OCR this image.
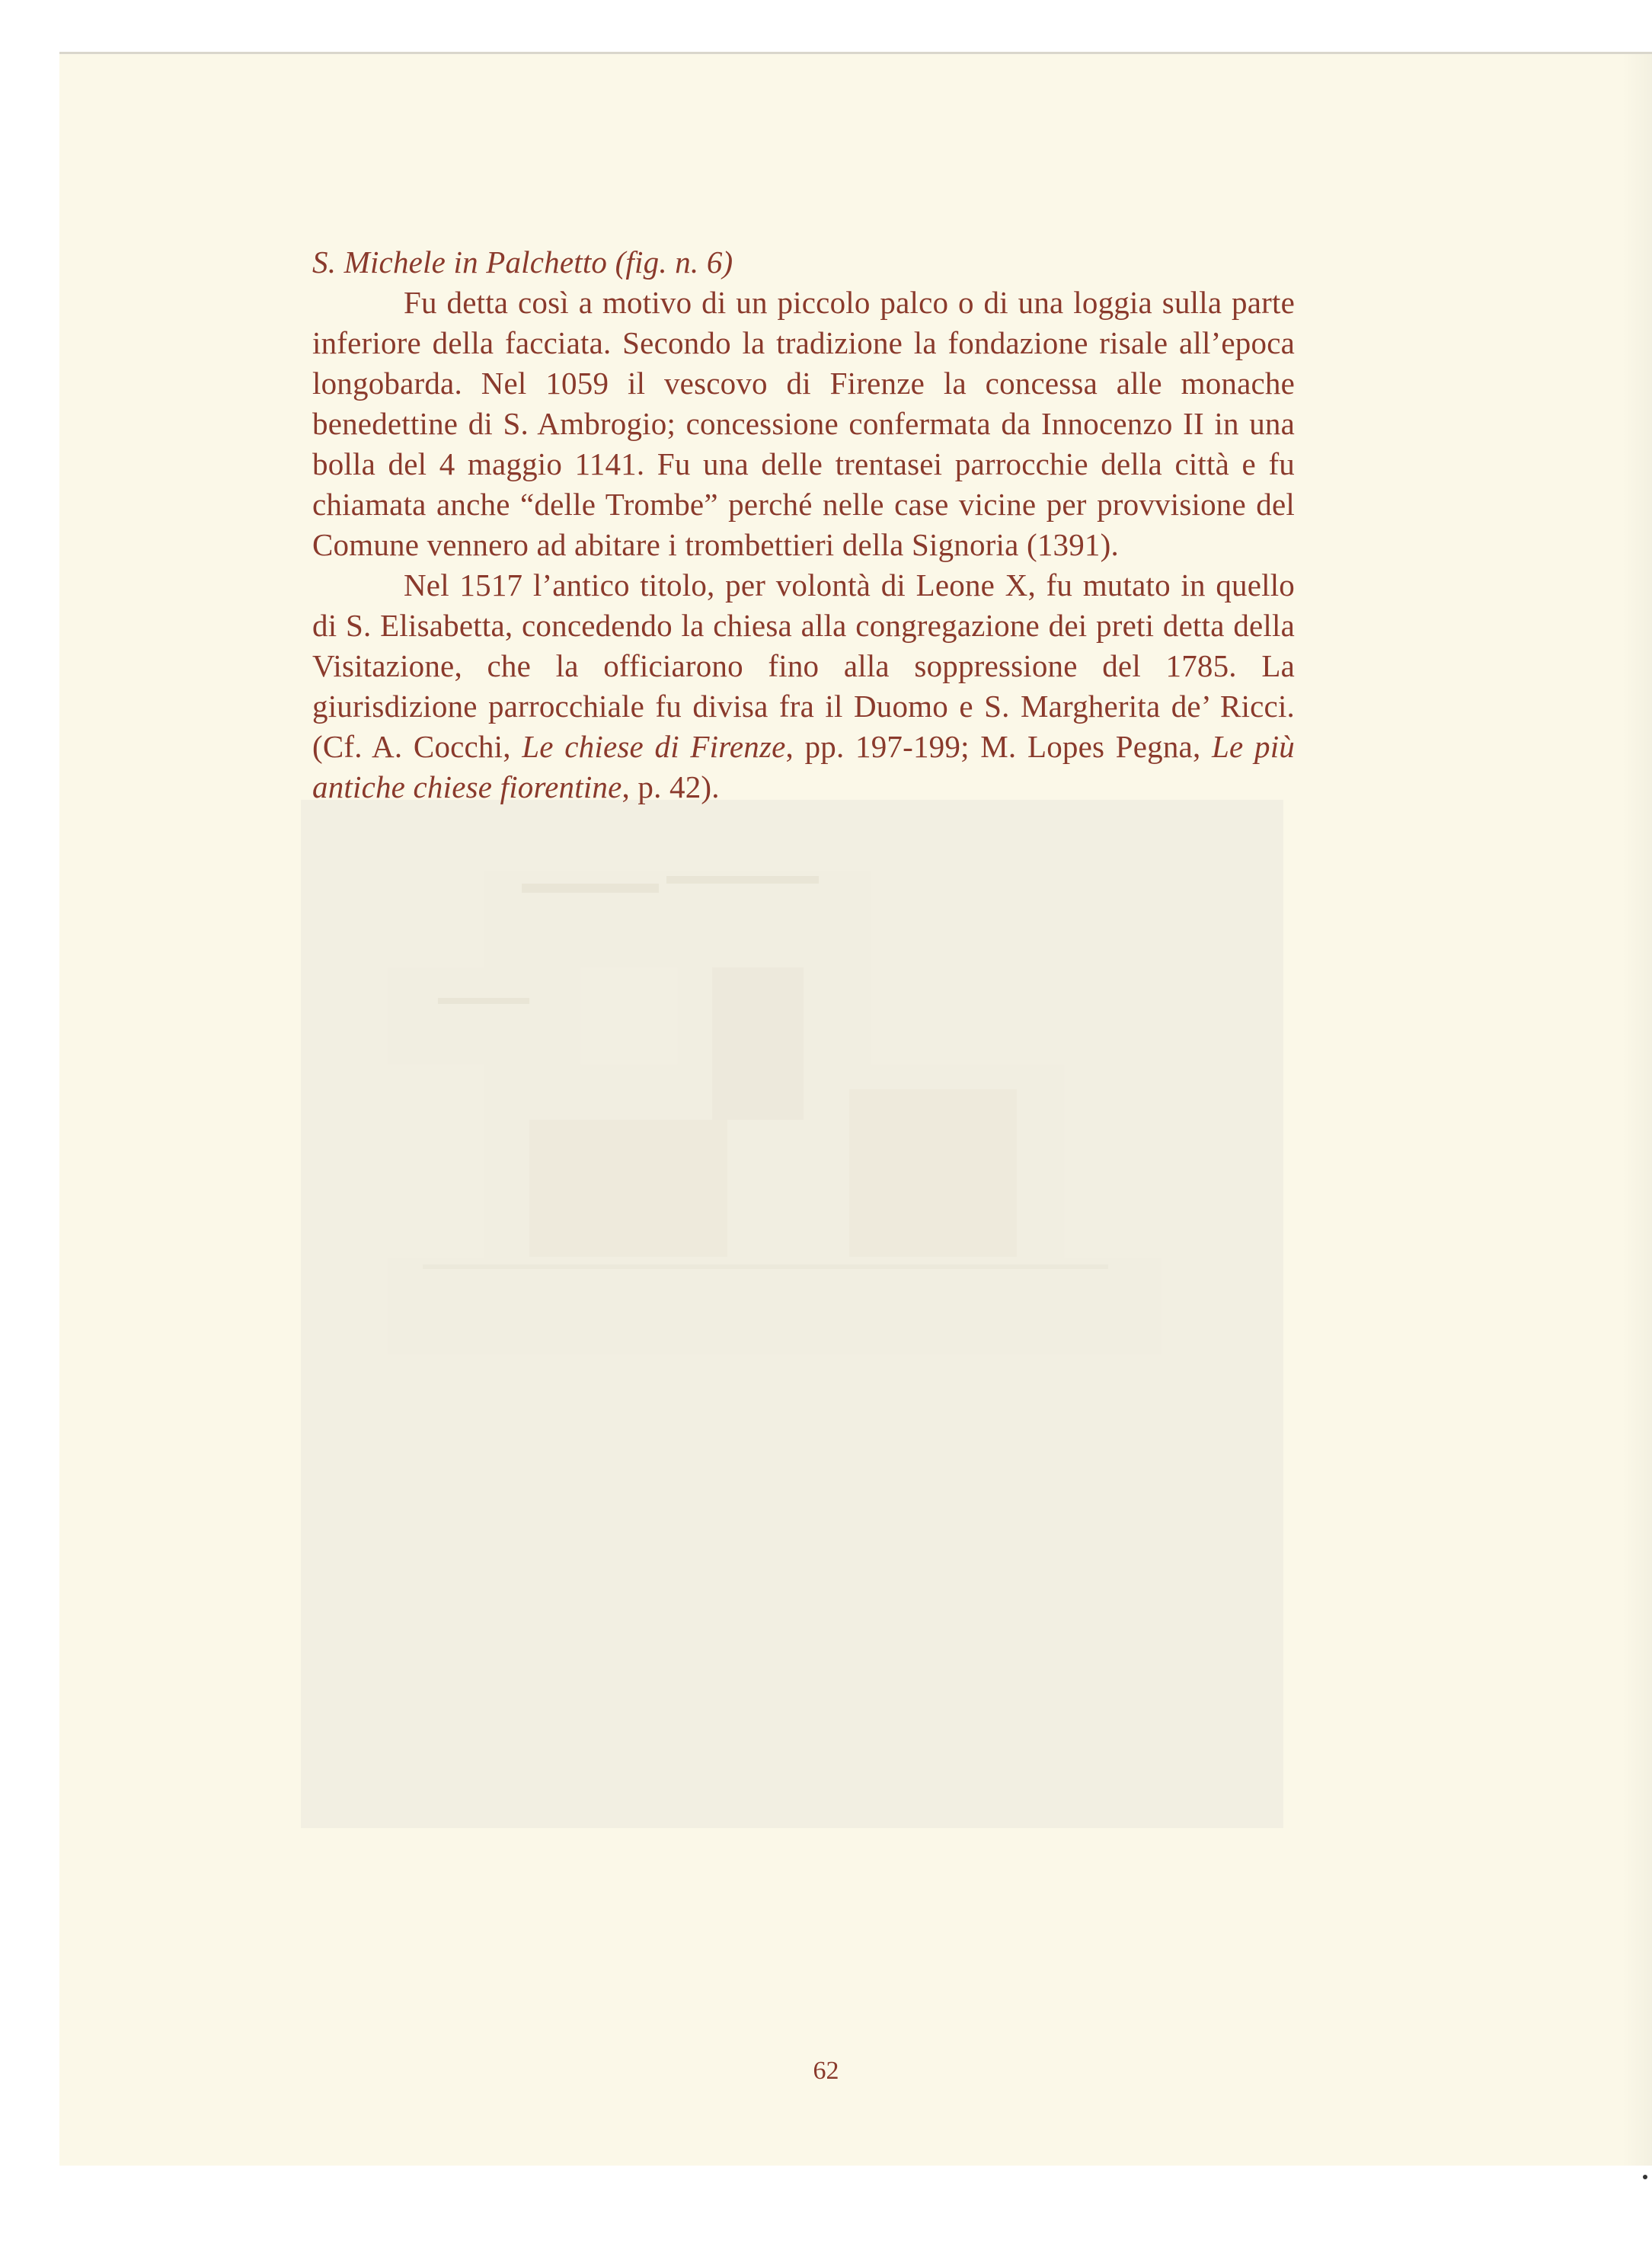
S. Michele in Palchetto (fig. n. 6)

Fu detta così a motivo di un piccolo palco o di una loggia sulla parte inferiore della facciata. Secondo la tradizione la fondazione risale all’epoca longobarda. Nel 1059 il vescovo di Firenze la concessa alle monache benedettine di S. Ambrogio; concessione confermata da Innocenzo II in una bolla del 4 maggio 1141. Fu una delle trentasei parrocchie della città e fu chiamata anche “delle Trombe” perché nelle case vicine per provvisione del Comune vennero ad abitare i trombettieri della Signoria (1391).

Nel 1517 l’antico titolo, per volontà di Leone X, fu mutato in quello di S. Elisabetta, concedendo la chiesa alla congregazione dei preti detta della Visitazione, che la officiarono fino alla soppressione del 1785. La giurisdizione parrocchiale fu divisa fra il Duomo e S. Margherita de’ Ricci. (Cf. A. Cocchi, Le chiese di Firenze, pp. 197-199; M. Lopes Pegna, Le più antiche chiese fiorentine, p. 42).

62
